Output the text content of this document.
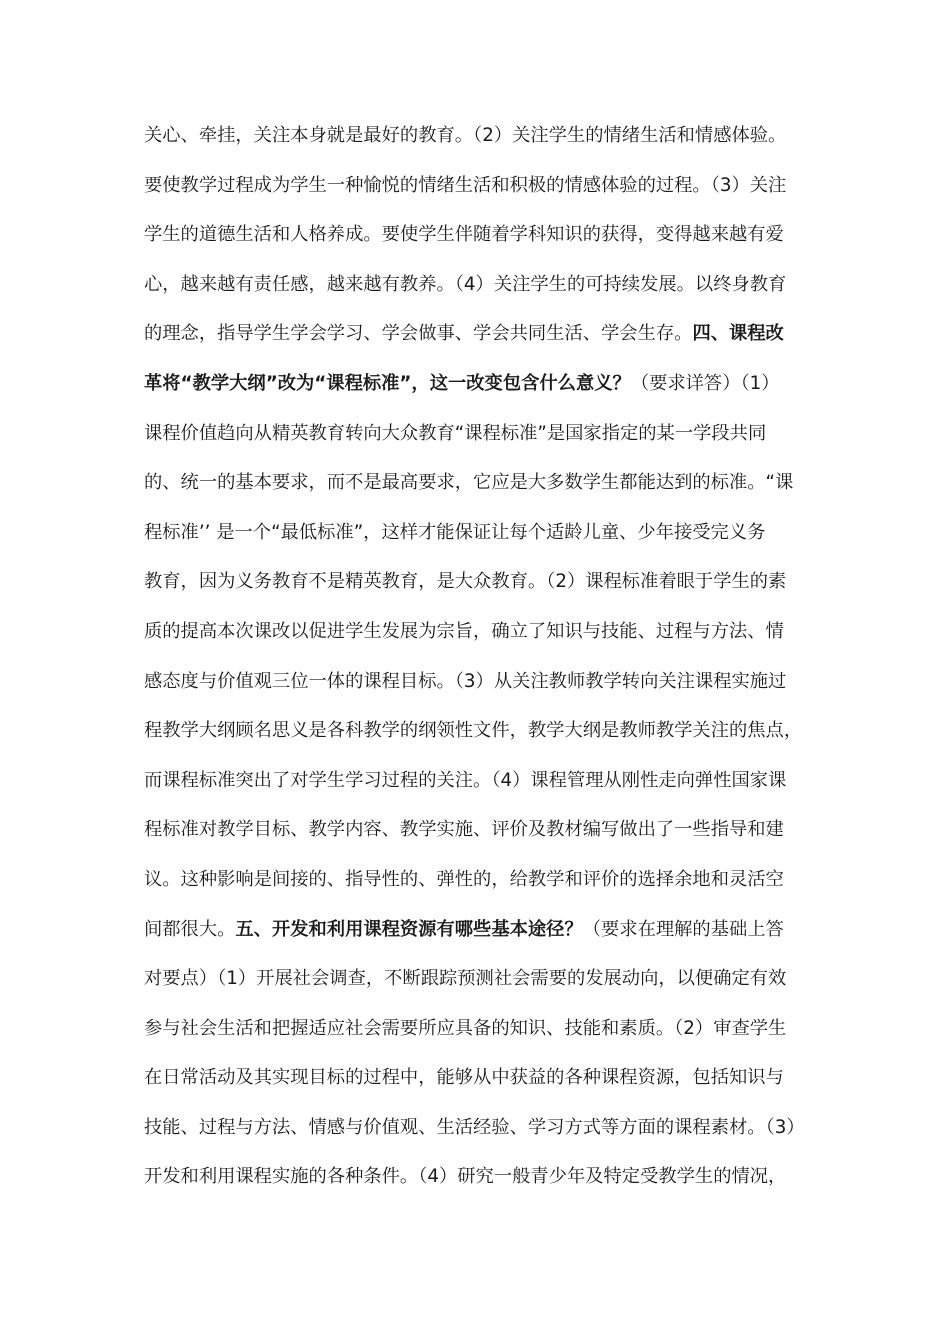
关心、牵挂，关注本身就是最好的教育。（2）关注学生的情绪生活和情感体验。
要使教学过程成为学生一种愉悦的情绪生活和积极的情感体验的过程。（3）关注
学生的道德生活和人格养成。要使学生伴随着学科知识的获得，变得越来越有爱
心，越来越有责任感，越来越有教养。（4）关注学生的可持续发展。以终身教育
的理念，指导学生学会学习、学会做事、学会共同生活、学会生存。四、课程改
革将“教学大纲”改为“课程标准”，这一改变包含什么意义？（要求详答）（1）
课程价值趋向从精英教育转向大众教育“课程标准”是国家指定的某一学段共同
的、统一的基本要求，而不是最高要求，它应是大多数学生都能达到的标准。“课
程标准’’ 是一个“最低标准”，这样才能保证让每个适龄儿童、少年接受完义务
教育，因为义务教育不是精英教育，是大众教育。（2）课程标准着眼于学生的素
质的提高本次课改以促进学生发展为宗旨，确立了知识与技能、过程与方法、情
感态度与价值观三位一体的课程目标。（3）从关注教师教学转向关注课程实施过
程教学大纲顾名思义是各科教学的纲领性文件，教学大纲是教师教学关注的焦点，
而课程标准突出了对学生学习过程的关注。（4）课程管理从刚性走向弹性国家课
程标准对教学目标、教学内容、教学实施、评价及教材编写做出了一些指导和建
议。这种影响是间接的、指导性的、弹性的，给教学和评价的选择余地和灵活空
间都很大。五、开发和利用课程资源有哪些基本途径？（要求在理解的基础上答
对要点）（1）开展社会调查，不断跟踪预测社会需要的发展动向，以便确定有效
参与社会生活和把握适应社会需要所应具备的知识、技能和素质。（2）审查学生
在日常活动及其实现目标的过程中，能够从中获益的各种课程资源，包括知识与
技能、过程与方法、情感与价值观、生活经验、学习方式等方面的课程素材。（3）
开发和利用课程实施的各种条件。（4）研究一般青少年及特定受教学生的情况，
